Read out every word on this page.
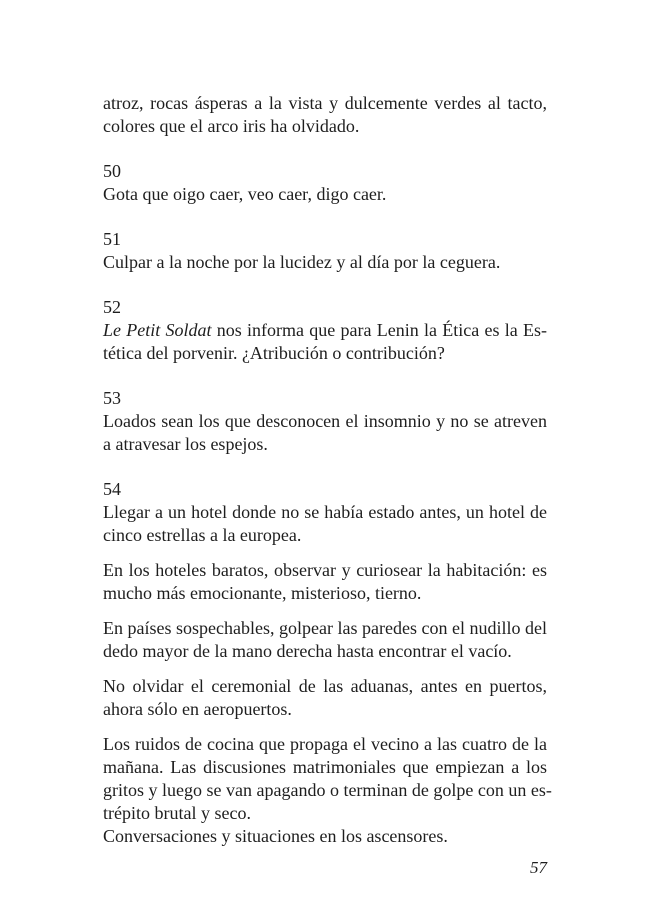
atroz, rocas ásperas a la vista y dulcemente verdes al tacto,
colores que el arco iris ha olvidado.
50
Gota que oigo caer, veo caer, digo caer.
51
Culpar a la noche por la lucidez y al día por la ceguera.
52
Le Petit Soldat nos informa que para Lenin la Ética es la Es-
tética del porvenir. ¿Atribución o contribución?
53
Loados sean los que desconocen el insomnio y no se atreven
a atravesar los espejos.
54
Llegar a un hotel donde no se había estado antes, un hotel de
cinco estrellas a la europea.
En los hoteles baratos, observar y curiosear la habitación: es
mucho más emocionante, misterioso, tierno.
En países sospechables, golpear las paredes con el nudillo del
dedo mayor de la mano derecha hasta encontrar el vacío.
No olvidar el ceremonial de las aduanas, antes en puertos,
ahora sólo en aeropuertos.
Los ruidos de cocina que propaga el vecino a las cuatro de la
mañana. Las discusiones matrimoniales que empiezan a los
gritos y luego se van apagando o terminan de golpe con un es-
trépito brutal y seco.
Conversaciones y situaciones en los ascensores.
57
